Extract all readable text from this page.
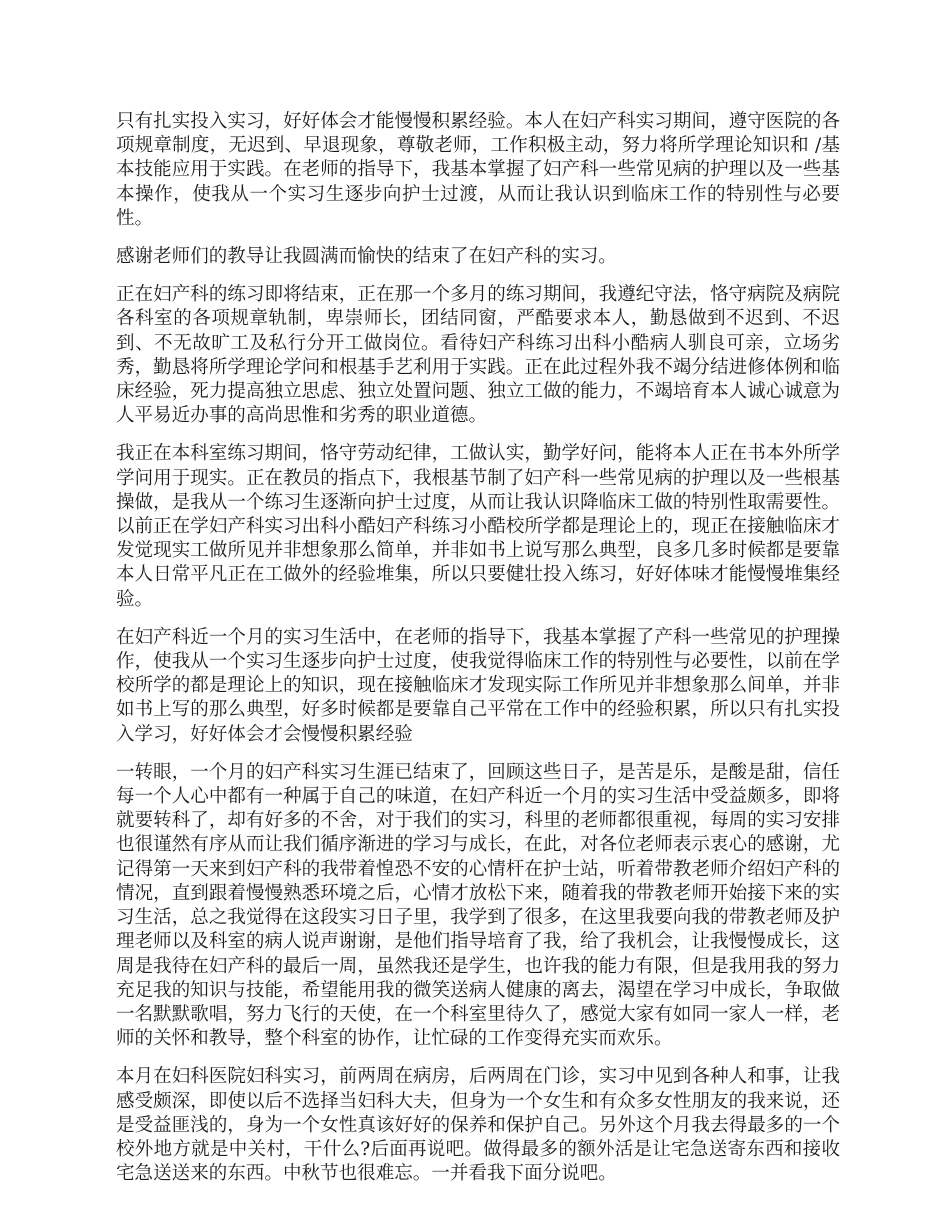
只有扎实投入实习，好好体会才能慢慢积累经验。本人在妇产科实习期间，遵守医院的各项规章制度，无迟到、早退现象，尊敬老师，工作积极主动，努力将所学理论知识和 /基本技能应用于实践。在老师的指导下，我基本掌握了妇产科一些常见病的护理以及一些基本操作，使我从一个实习生逐步向护士过渡，从而让我认识到临床工作的特别性与必要性。

感谢老师们的教导让我圆满而愉快的结束了在妇产科的实习。

正在妇产科的练习即将结束，正在那一个多月的练习期间，我遵纪守法，恪守病院及病院各科室的各项规章轨制，卑崇师长，团结同窗，严酷要求本人，勤恳做到不迟到、不迟到、不无故旷工及私行分开工做岗位。看待妇产科练习出科小酷病人驯良可亲，立场劣秀，勤恳将所学理论学问和根基手艺利用于实践。正在此过程外我不竭分结进修体例和临床经验，死力提高独立思虑、独立处置问题、独立工做的能力，不竭培育本人诚心诚意为人平易近办事的高尚思惟和劣秀的职业道德。

我正在本科室练习期间，恪守劳动纪律，工做认实，勤学好问，能将本人正在书本外所学学问用于现实。正在教员的指点下，我根基节制了妇产科一些常见病的护理以及一些根基操做，是我从一个练习生逐渐向护士过度，从而让我认识降临床工做的特别性取需要性。以前正在学妇产科实习出科小酷妇产科练习小酷校所学都是理论上的，现正在接触临床才发觉现实工做所见并非想象那么简单，并非如书上说写那么典型，良多几多时候都是要靠本人日常平凡正在工做外的经验堆集，所以只要健壮投入练习，好好体味才能慢慢堆集经验。

在妇产科近一个月的实习生活中，在老师的指导下，我基本掌握了产科一些常见的护理操作，使我从一个实习生逐步向护士过度，使我觉得临床工作的特别性与必要性，以前在学校所学的都是理论上的知识，现在接触临床才发现实际工作所见并非想象那么间单，并非如书上写的那么典型，好多时候都是要靠自己平常在工作中的经验积累，所以只有扎实投入学习，好好体会才会慢慢积累经验

一转眼，一个月的妇产科实习生涯已结束了，回顾这些日子，是苦是乐，是酸是甜，信任每一个人心中都有一种属于自己的味道，在妇产科近一个月的实习生活中受益颇多，即将就要转科了，却有好多的不舍，对于我们的实习，科里的老师都很重视，每周的实习安排也很谨然有序从而让我们循序渐进的学习与成长，在此，对各位老师表示衷心的感谢，尤记得第一天来到妇产科的我带着惶恐不安的心情杆在护士站，听着带教老师介绍妇产科的情况，直到跟着慢慢熟悉环境之后，心情才放松下来，随着我的带教老师开始接下来的实习生活，总之我觉得在这段实习日子里，我学到了很多，在这里我要向我的带教老师及护理老师以及科室的病人说声谢谢，是他们指导培育了我，给了我机会，让我慢慢成长，这周是我待在妇产科的最后一周，虽然我还是学生，也许我的能力有限，但是我用我的努力充足我的知识与技能，希望能用我的微笑送病人健康的离去，渴望在学习中成长，争取做一名默默歌唱，努力飞行的天使，在一个科室里待久了，感觉大家有如同一家人一样，老师的关怀和教导，整个科室的协作，让忙碌的工作变得充实而欢乐。

本月在妇科医院妇科实习，前两周在病房，后两周在门诊，实习中见到各种人和事，让我感受颇深，即使以后不选择当妇科大夫，但身为一个女生和有众多女性朋友的我来说，还是受益匪浅的，身为一个女性真该好好的保养和保护自己。另外这个月我去得最多的一个校外地方就是中关村，干什么?后面再说吧。做得最多的额外活是让宅急送寄东西和接收宅急送送来的东西。中秋节也很难忘。一并看我下面分说吧。
